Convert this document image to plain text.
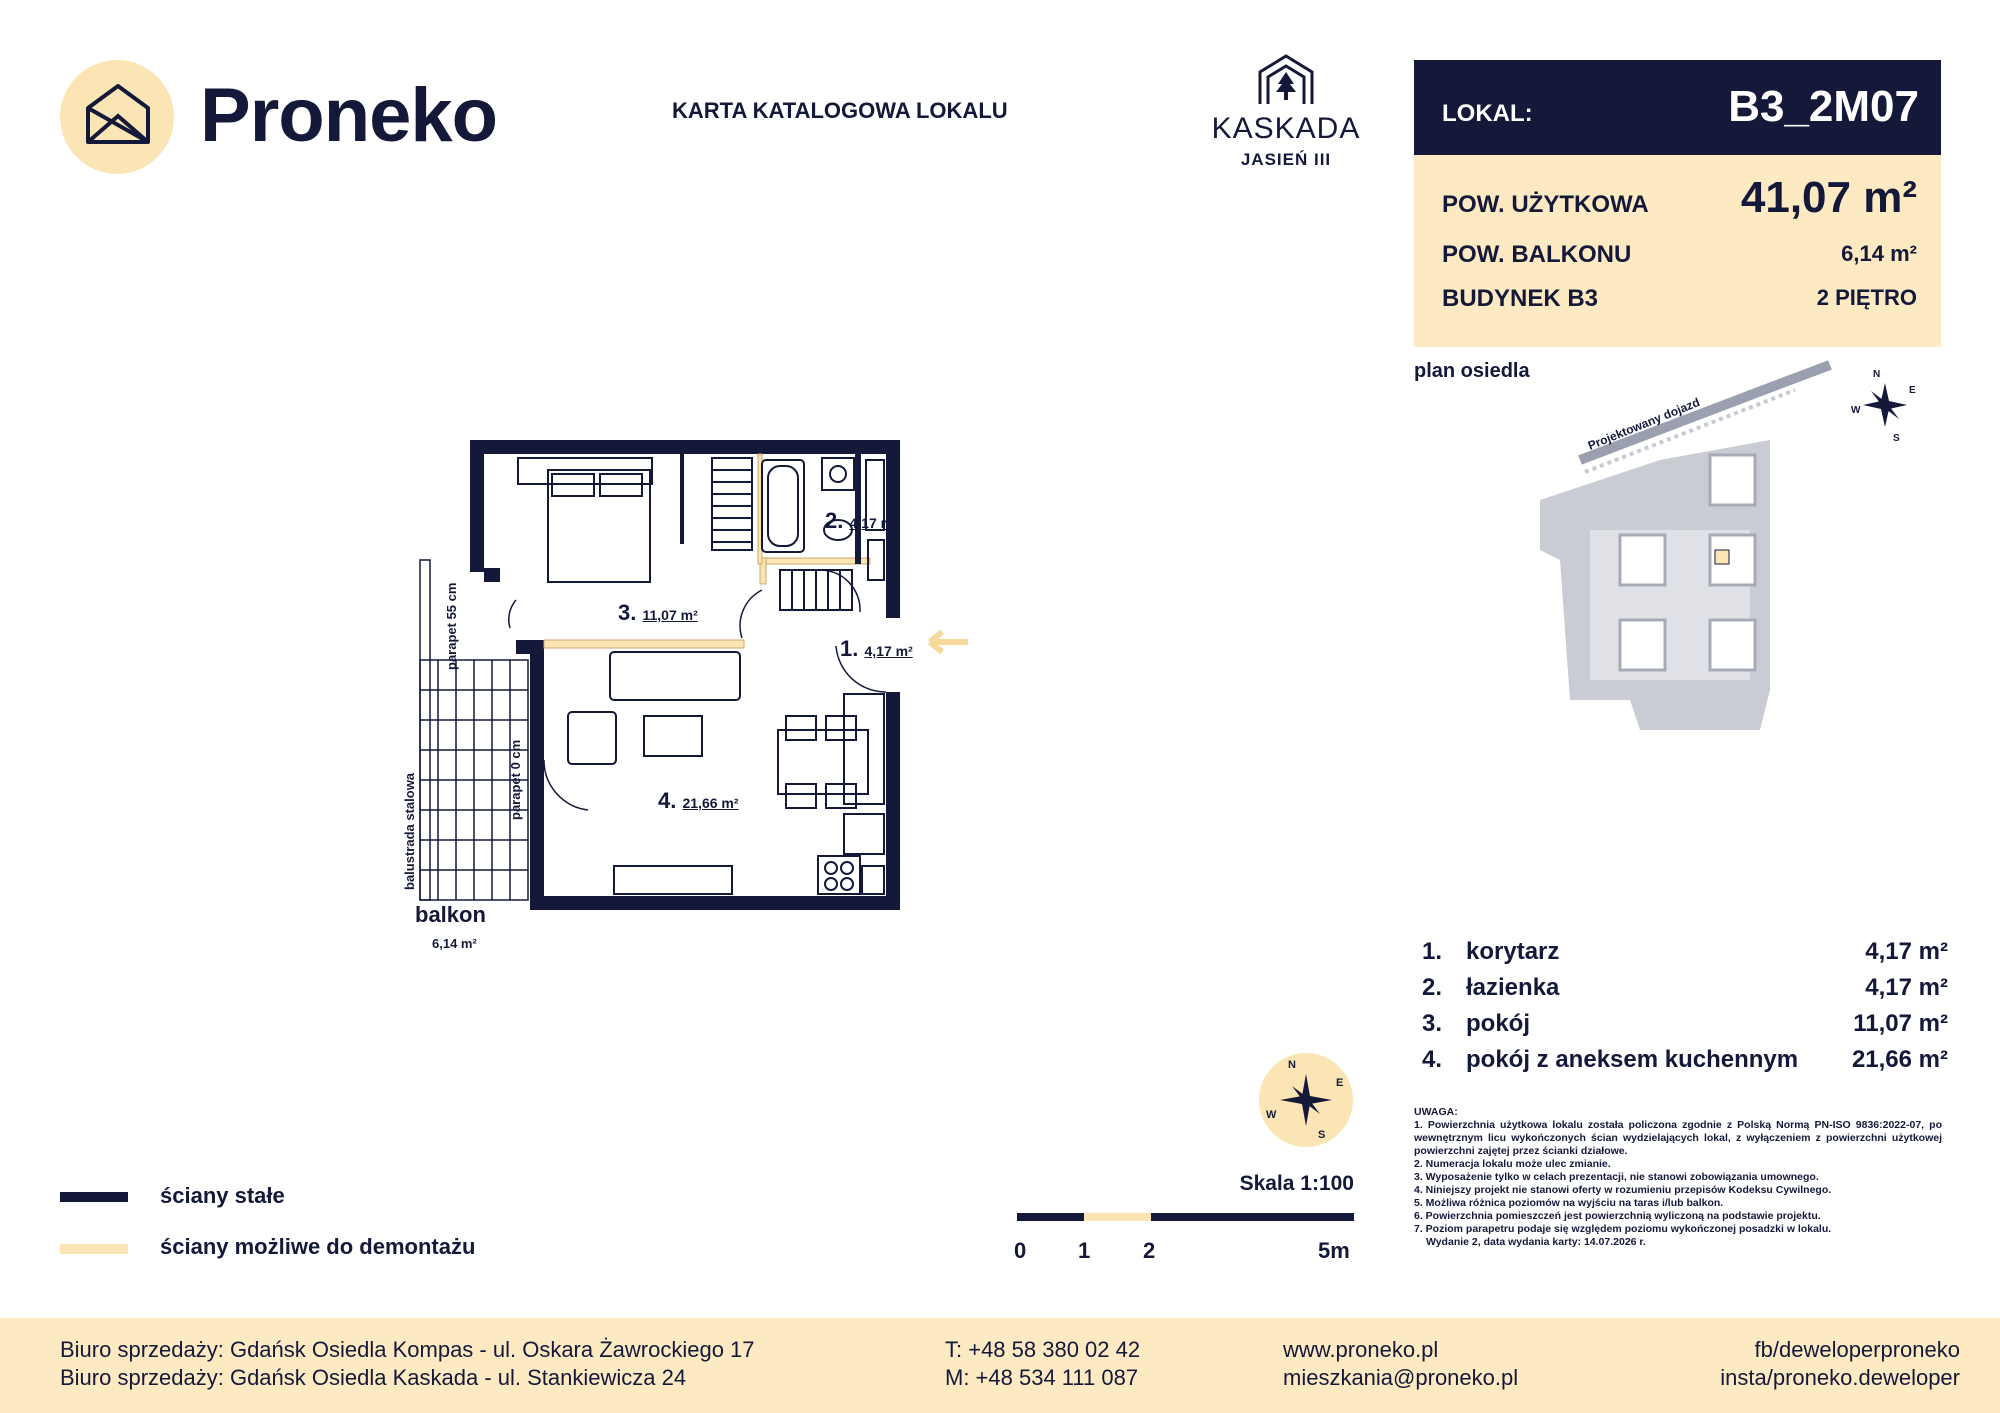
Proneko	KARTA KATALOGOWA LOKALU
KASKADA
JASIEŃ III
LOKAL:	B3_2M07
POW. UŻYTKOWA 41,07 m²
POW. BALKONU	6,14 m²
BUDYNEK B3	2 PIĘTRO
plan osiedla
Projektowany dojazd
N
E
S
W
parapet 55 cm
parapet 0 cm
balustrada stalowa
2. 4,17 m²
3. 11,07 m²
1. 4,17 m²
4. 21,66 m²
balkon
6,14 m²
N
E
S
W
1. korytarz	4,17 m²
2. łazienka	4,17 m²
3. pokój	11,07 m²
4. pokój z aneksem kuchennym 21,66 m²
UWAGA:
1. Powierzchnia użytkowa lokalu została policzona zgodnie z Polską Normą PN-ISO 9836:2022-07, po wewnętrznym licu wykończonych ścian wydzielających lokal, z wyłączeniem z powierzchni użytkowej powierzchni zajętej przez ścianki działowe.
2. Numeracja lokalu może ulec zmianie.
3. Wyposażenie tylko w celach prezentacji, nie stanowi zobowiązania umownego.
4. Niniejszy projekt nie stanowi oferty w rozumieniu przepisów Kodeksu Cywilnego.
5. Możliwa różnica poziomów na wyjściu na taras i/lub balkon.
6. Powierzchnia pomieszczeń jest powierzchnią wyliczoną na podstawie projektu.
7. Poziom parapetru podaje się względem poziomu wykończonej posadzki w lokalu.
Wydanie 2, data wydania karty: 14.07.2026 r.
ściany stałe
ściany możliwe do demontażu
Skala 1:100
0 1 2	5m
Biuro sprzedaży: Gdańsk Osiedla Kompas - ul. Oskara Żawrockiego 17
Biuro sprzedaży: Gdańsk Osiedla Kaskada - ul. Stankiewicza 24
T: +48 58 380 02 42
M: +48 534 111 087
www.proneko.pl
mieszkania@proneko.pl
fb/deweloperproneko
insta/proneko.deweloper
